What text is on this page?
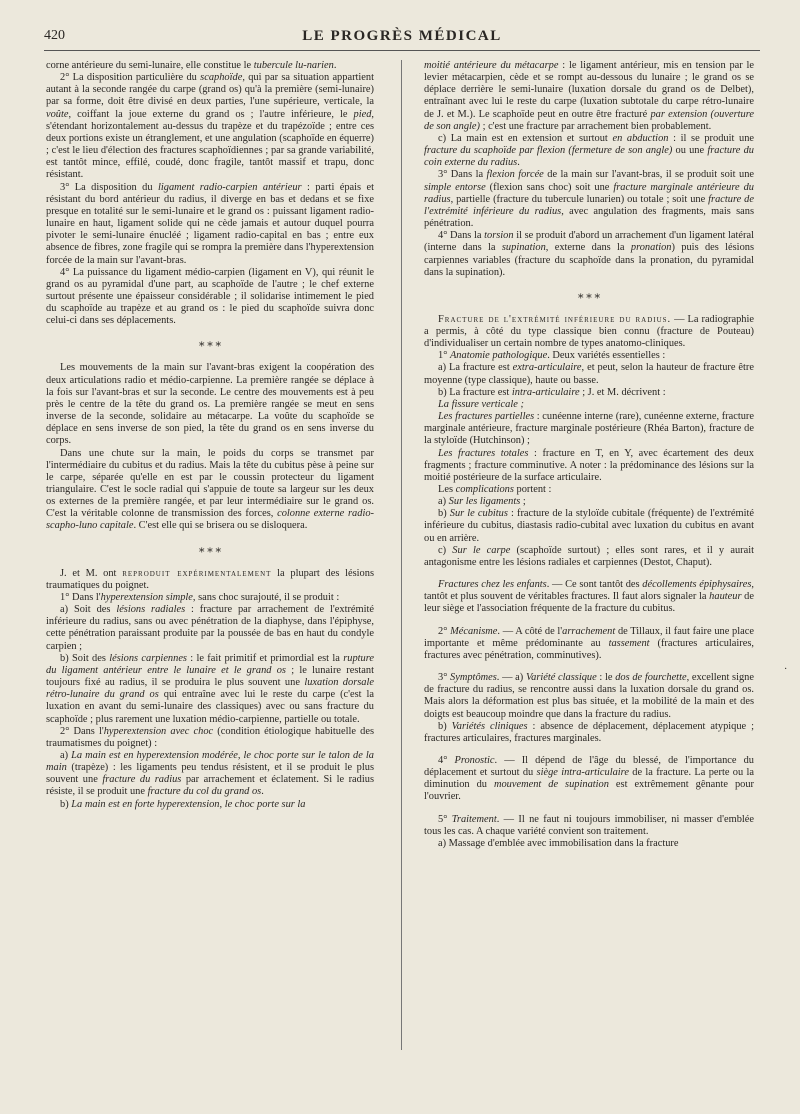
420	LE PROGRÈS MÉDICAL
·

corne antérieure du semi-lunaire, elle constitue le tubercule lu-narien.

2° La disposition particulière du scaphoïde, qui par sa situation appartient autant à la seconde rangée du carpe (grand os) qu'à la première (semi-lunaire) par sa forme, doit être divisé en deux parties, l'une supérieure, verticale, la voûte, coiffant la joue externe du grand os ; l'autre inférieure, le pied, s'étendant horizontalement au-dessus du trapèze et du trapézoïde ; entre ces deux portions existe un étranglement, et une angulation (scaphoïde en équerre) ; c'est le lieu d'élection des fractures scaphoïdiennes ; par sa grande variabilité, est tantôt mince, effilé, coudé, donc fragile, tantôt massif et trapu, donc résistant.

3° La disposition du ligament radio-carpien antérieur : parti épais et résistant du bord antérieur du radius, il diverge en bas et dedans et se fixe presque en totalité sur le semi-lunaire et le grand os : puissant ligament radio-lunaire en haut, ligament solide qui ne cède jamais et autour duquel pourra pivoter le semi-lunaire énucléé ; ligament radio-capital en bas ; entre eux absence de fibres, zone fragile qui se rompra la première dans l'hyperextension forcée de la main sur l'avant-bras.

4° La puissance du ligament médio-carpien (ligament en V), qui réunit le grand os au pyramidal d'une part, au scaphoïde de l'autre ; le chef externe surtout présente une épaisseur considérable ; il solidarise intimement le pied du scaphoïde au trapèze et au grand os : le pied du scaphoïde suivra donc celui-ci dans ses déplacements.

⁎ ⁎ ⁎

Les mouvements de la main sur l'avant-bras exigent la coopération des deux articulations radio et médio-carpienne. La première rangée se déplace à la fois sur l'avant-bras et sur la seconde. Le centre des mouvements est à peu près le centre de la tête du grand os. La première rangée se meut en sens inverse de la seconde, solidaire au métacarpe. La voûte du scaphoïde se déplace en sens inverse de son pied, la tête du grand os en sens inverse du corps.

Dans une chute sur la main, le poids du corps se transmet par l'intermédiaire du cubitus et du radius. Mais la tête du cubitus pèse à peine sur le carpe, séparée qu'elle en est par le coussin protecteur du ligament triangulaire. C'est le socle radial qui s'appuie de toute sa largeur sur les deux os externes de la première rangée, et par leur intermédiaire sur le grand os. C'est la véritable colonne de transmission des forces, colonne externe radio-scapho-luno capitale. C'est elle qui se brisera ou se disloquera.

⁎ ⁎ ⁎

J. et M. ont reproduit expérimentalement la plupart des lésions traumatiques du poignet.

1° Dans l'hyperextension simple, sans choc surajouté, il se produit :

a) Soit des lésions radiales : fracture par arrachement de l'extrémité inférieure du radius, sans ou avec pénétration de la diaphyse, dans l'épiphyse, cette pénétration paraissant produite par la poussée de bas en haut du condyle carpien ;

b) Soit des lésions carpiennes : le fait primitif et primordial est la rupture du ligament antérieur entre le lunaire et le grand os ; le lunaire restant toujours fixé au radius, il se produira le plus souvent une luxation dorsale rétro-lunaire du grand os qui entraîne avec lui le reste du carpe (c'est la luxation en avant du semi-lunaire des classiques) avec ou sans fracture du scaphoïde ; plus rarement une luxation médio-carpienne, partielle ou totale.

2° Dans l'hyperextension avec choc (condition étiologique habituelle des traumatismes du poignet) :

a) La main est en hyperextension modérée, le choc porte sur le talon de la main (trapèze) : les ligaments peu tendus résistent, et il se produit le plus souvent une fracture du radius par arrachement et éclatement. Si le radius résiste, il se produit une fracture du col du grand os.

b) La main est en forte hyperextension, le choc porte sur la

moitié antérieure du métacarpe : le ligament antérieur, mis en tension par le levier métacarpien, cède et se rompt au-dessous du lunaire ; le grand os se déplace derrière le semi-lunaire (luxation dorsale du grand os de Delbet), entraînant avec lui le reste du carpe (luxation subtotale du carpe rétro-lunaire de J. et M.). Le scaphoïde peut en outre être fracturé par extension (ouverture de son angle) ; c'est une fracture par arrachement bien probablement.

c) La main est en extension et surtout en abduction : il se produit une fracture du scaphoïde par flexion (fermeture de son angle) ou une fracture du coin externe du radius.

3° Dans la flexion forcée de la main sur l'avant-bras, il se produit soit une simple entorse (flexion sans choc) soit une fracture marginale antérieure du radius, partielle (fracture du tubercule lunarien) ou totale ; soit une fracture de l'extrémité inférieure du radius, avec angulation des fragments, mais sans pénétration.

4° Dans la torsion il se produit d'abord un arrachement d'un ligament latéral (interne dans la supination, externe dans la pronation) puis des lésions carpiennes variables (fracture du scaphoïde dans la pronation, du pyramidal dans la supination).

⁎ ⁎ ⁎

Fracture de l'extrémité inférieure du radius. — La radiographie a permis, à côté du type classique bien connu (fracture de Pouteau) d'individualiser un certain nombre de types anatomo-cliniques.

1° Anatomie pathologique. Deux variétés essentielles :

a) La fracture est extra-articulaire, et peut, selon la hauteur de fracture être moyenne (type classique), haute ou basse.

b) La fracture est intra-articulaire ; J. et M. décrivent :

La fissure verticale ;

Les fractures partielles : cunéenne interne (rare), cunéenne externe, fracture marginale antérieure, fracture marginale postérieure (Rhéa Barton), fracture de la styloïde (Hutchinson) ;

Les fractures totales : fracture en T, en Y, avec écartement des deux fragments ; fracture comminutive. A noter : la prédominance des lésions sur la moitié postérieure de la surface articulaire.

Les complications portent :

a) Sur les ligaments ;

b) Sur le cubitus : fracture de la styloïde cubitale (fréquente) de l'extrémité inférieure du cubitus, diastasis radio-cubital avec luxation du cubitus en avant ou en arrière.

c) Sur le carpe (scaphoïde surtout) ; elles sont rares, et il y aurait antagonisme entre les lésions radiales et carpiennes (Destot, Chaput).

Fractures chez les enfants. — Ce sont tantôt des décollements épiphysaires, tantôt et plus souvent de véritables fractures. Il faut alors signaler la hauteur de leur siège et l'association fréquente de la fracture du cubitus.

2° Mécanisme. — A côté de l'arrachement de Tillaux, il faut faire une place importante et même prédominante au tassement (fractures articulaires, fractures avec pénétration, comminutives).

3° Symptômes. — a) Variété classique : le dos de fourchette, excellent signe de fracture du radius, se rencontre aussi dans la luxation dorsale du grand os. Mais alors la déformation est plus bas située, et la mobilité de la main et des doigts est beaucoup moindre que dans la fracture du radius.

b) Variétés cliniques : absence de déplacement, déplacement atypique ; fractures articulaires, fractures marginales.

4° Pronostic. — Il dépend de l'âge du blessé, de l'importance du déplacement et surtout du siège intra-articulaire de la fracture. La perte ou la diminution du mouvement de supination est extrêmement gênante pour l'ouvrier.

5° Traitement. — Il ne faut ni toujours immobiliser, ni masser d'emblée tous les cas. A chaque variété convient son traitement.

a) Massage d'emblée avec immobilisation dans la fracture
